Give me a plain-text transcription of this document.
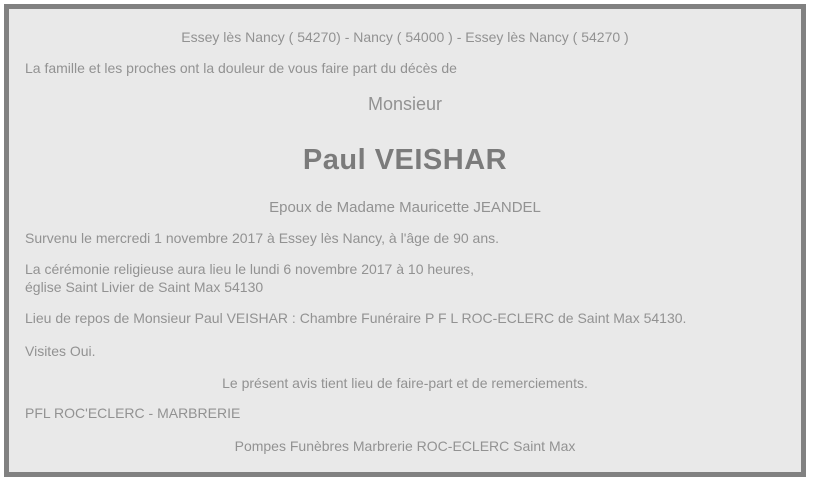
Essey lès Nancy ( 54270) - Nancy ( 54000 ) - Essey lès Nancy ( 54270 )

La famille et les proches ont la douleur de vous faire part du décès de

Monsieur

Paul VEISHAR

Epoux de Madame Mauricette JEANDEL

Survenu le mercredi 1 novembre 2017 à Essey lès Nancy, à l'âge de 90 ans.

La cérémonie religieuse aura lieu le lundi 6 novembre 2017 à 10 heures,
église Saint Livier de Saint Max 54130

Lieu de repos de Monsieur Paul VEISHAR : Chambre Funéraire P F L ROC-ECLERC de Saint Max 54130.

Visites Oui.

Le présent avis tient lieu de faire-part et de remerciements.

PFL ROC'ECLERC - MARBRERIE

Pompes Funèbres Marbrerie ROC-ECLERC Saint Max
